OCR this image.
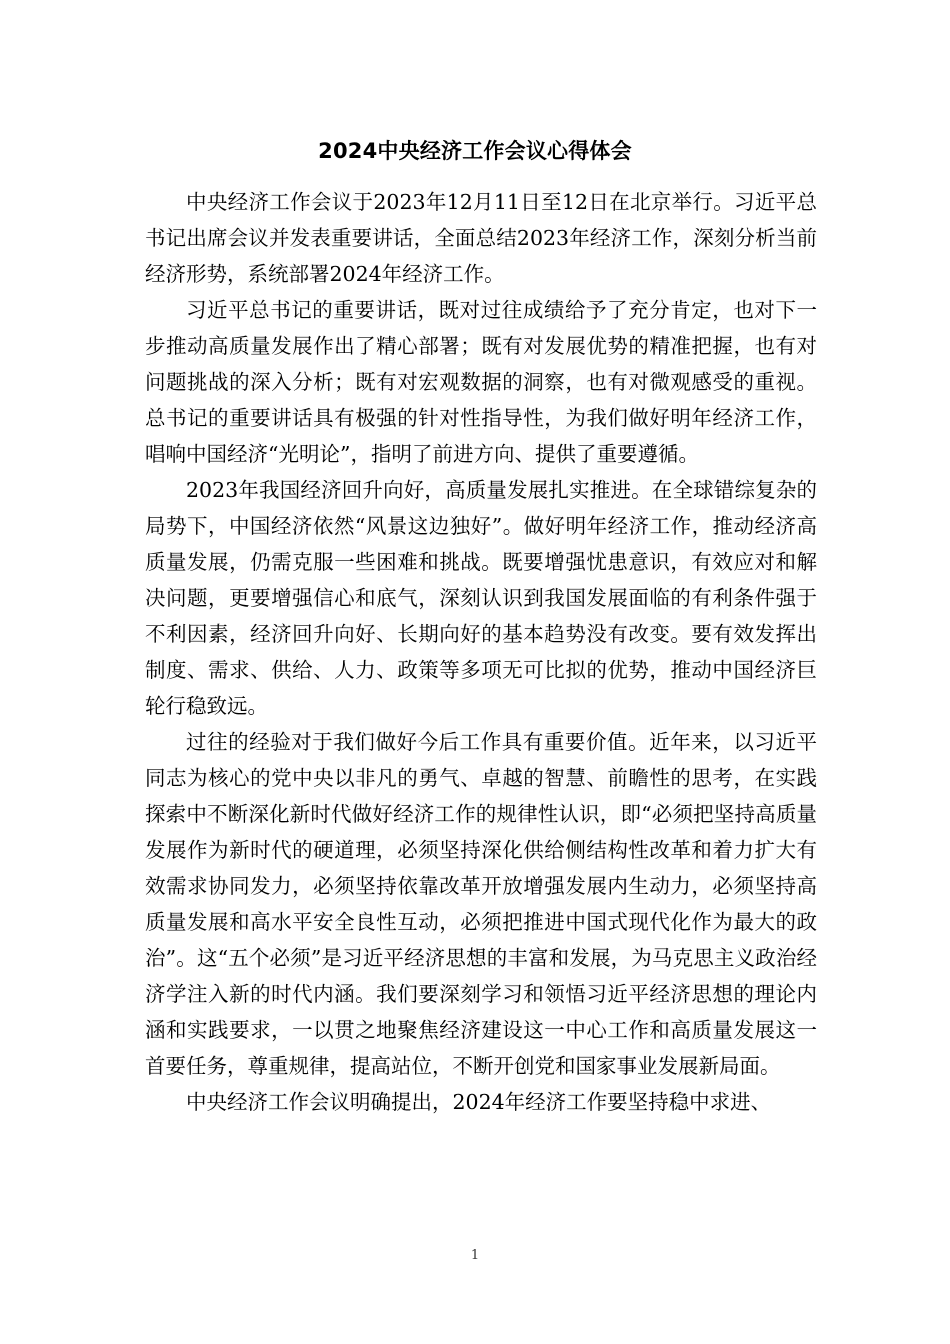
2024中央经济工作会议心得体会

中央经济工作会议于2023年12月11日至12日在北京举行。习近平总书记出席会议并发表重要讲话，全面总结2023年经济工作，深刻分析当前经济形势，系统部署2024年经济工作。

习近平总书记的重要讲话，既对过往成绩给予了充分肯定，也对下一步推动高质量发展作出了精心部署；既有对发展优势的精准把握，也有对问题挑战的深入分析；既有对宏观数据的洞察，也有对微观感受的重视。总书记的重要讲话具有极强的针对性指导性，为我们做好明年经济工作，唱响中国经济“光明论”，指明了前进方向、提供了重要遵循。

2023年我国经济回升向好，高质量发展扎实推进。在全球错综复杂的局势下，中国经济依然“风景这边独好”。做好明年经济工作，推动经济高质量发展，仍需克服一些困难和挑战。既要增强忧患意识，有效应对和解决问题，更要增强信心和底气，深刻认识到我国发展面临的有利条件强于不利因素，经济回升向好、长期向好的基本趋势没有改变。要有效发挥出制度、需求、供给、人力、政策等多项无可比拟的优势，推动中国经济巨轮行稳致远。

过往的经验对于我们做好今后工作具有重要价值。近年来，以习近平同志为核心的党中央以非凡的勇气、卓越的智慧、前瞻性的思考，在实践探索中不断深化新时代做好经济工作的规律性认识，即“必须把坚持高质量发展作为新时代的硬道理，必须坚持深化供给侧结构性改革和着力扩大有效需求协同发力，必须坚持依靠改革开放增强发展内生动力，必须坚持高质量发展和高水平安全良性互动，必须把推进中国式现代化作为最大的政治”。这“五个必须”是习近平经济思想的丰富和发展，为马克思主义政治经济学注入新的时代内涵。我们要深刻学习和领悟习近平经济思想的理论内涵和实践要求，一以贯之地聚焦经济建设这一中心工作和高质量发展这一首要任务，尊重规律，提高站位，不断开创党和国家事业发展新局面。

中央经济工作会议明确提出，2024年经济工作要坚持稳中求进、

1
